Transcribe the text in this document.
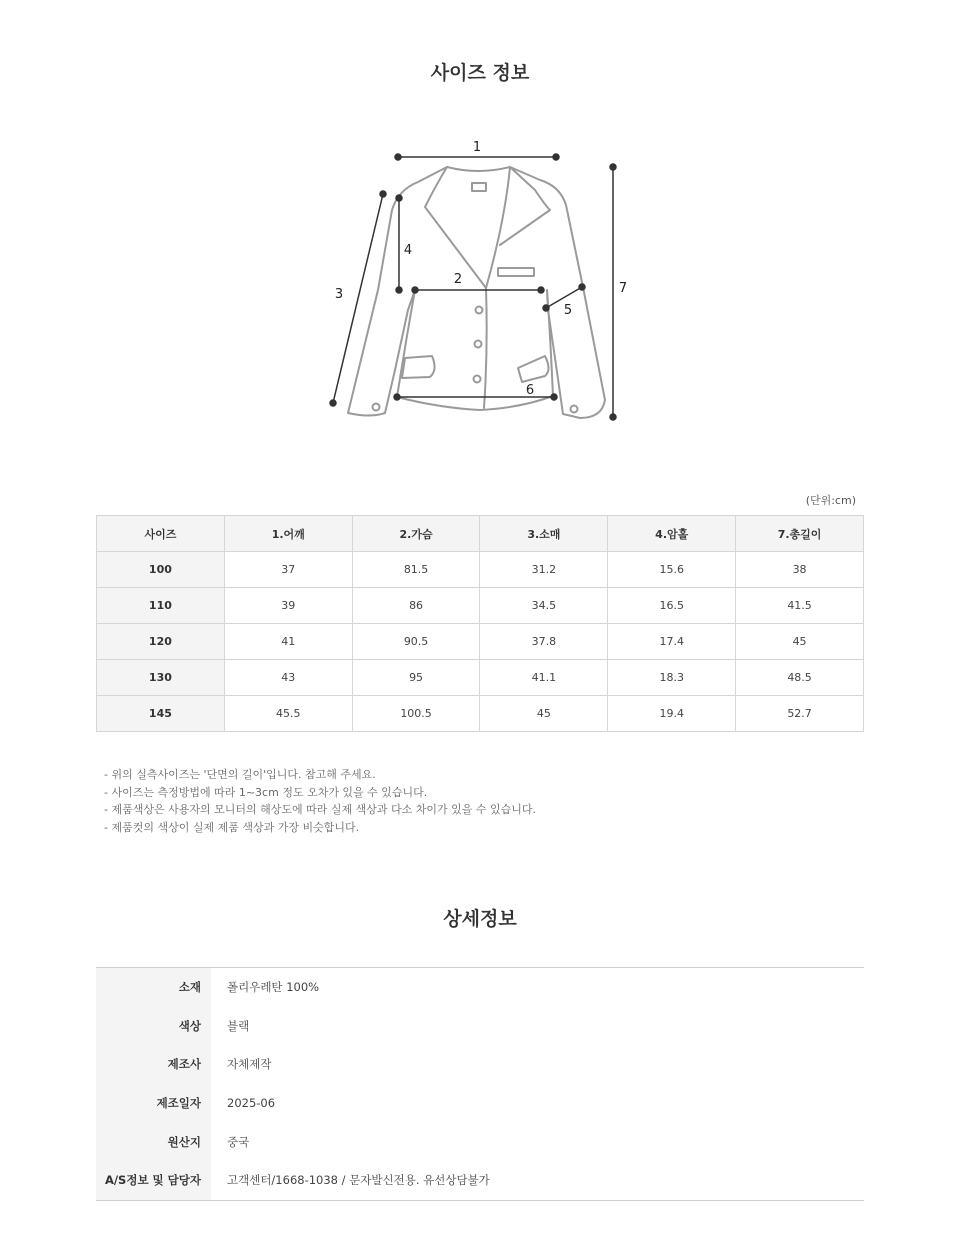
사이즈 정보
1
2
3
4
5
6
7
(단위:cm)
사이즈	1.어깨	2.가슴	3.소매	4.암홀	7.총길이
100	37	81.5	31.2	15.6	38
110	39	86	34.5	16.5	41.5
120	41	90.5	37.8	17.4	45
130	43	95	41.1	18.3	48.5
145	45.5	100.5	45	19.4	52.7
- 위의 실측사이즈는 '단면의 길이'입니다. 참고해 주세요.
- 사이즈는 측정방법에 따라 1~3cm 정도 오차가 있을 수 있습니다.
- 제품색상은 사용자의 모니터의 해상도에 따라 실제 색상과 다소 차이가 있을 수 있습니다.
- 제품컷의 색상이 실제 제품 색상과 가장 비슷합니다.
상세정보
소재	폴리우레탄 100%
색상	블랙
제조사	자체제작
제조일자	2025-06
원산지	중국
A/S정보 및 담당자	고객센터/1668-1038 / 문자발신전용. 유선상담불가
